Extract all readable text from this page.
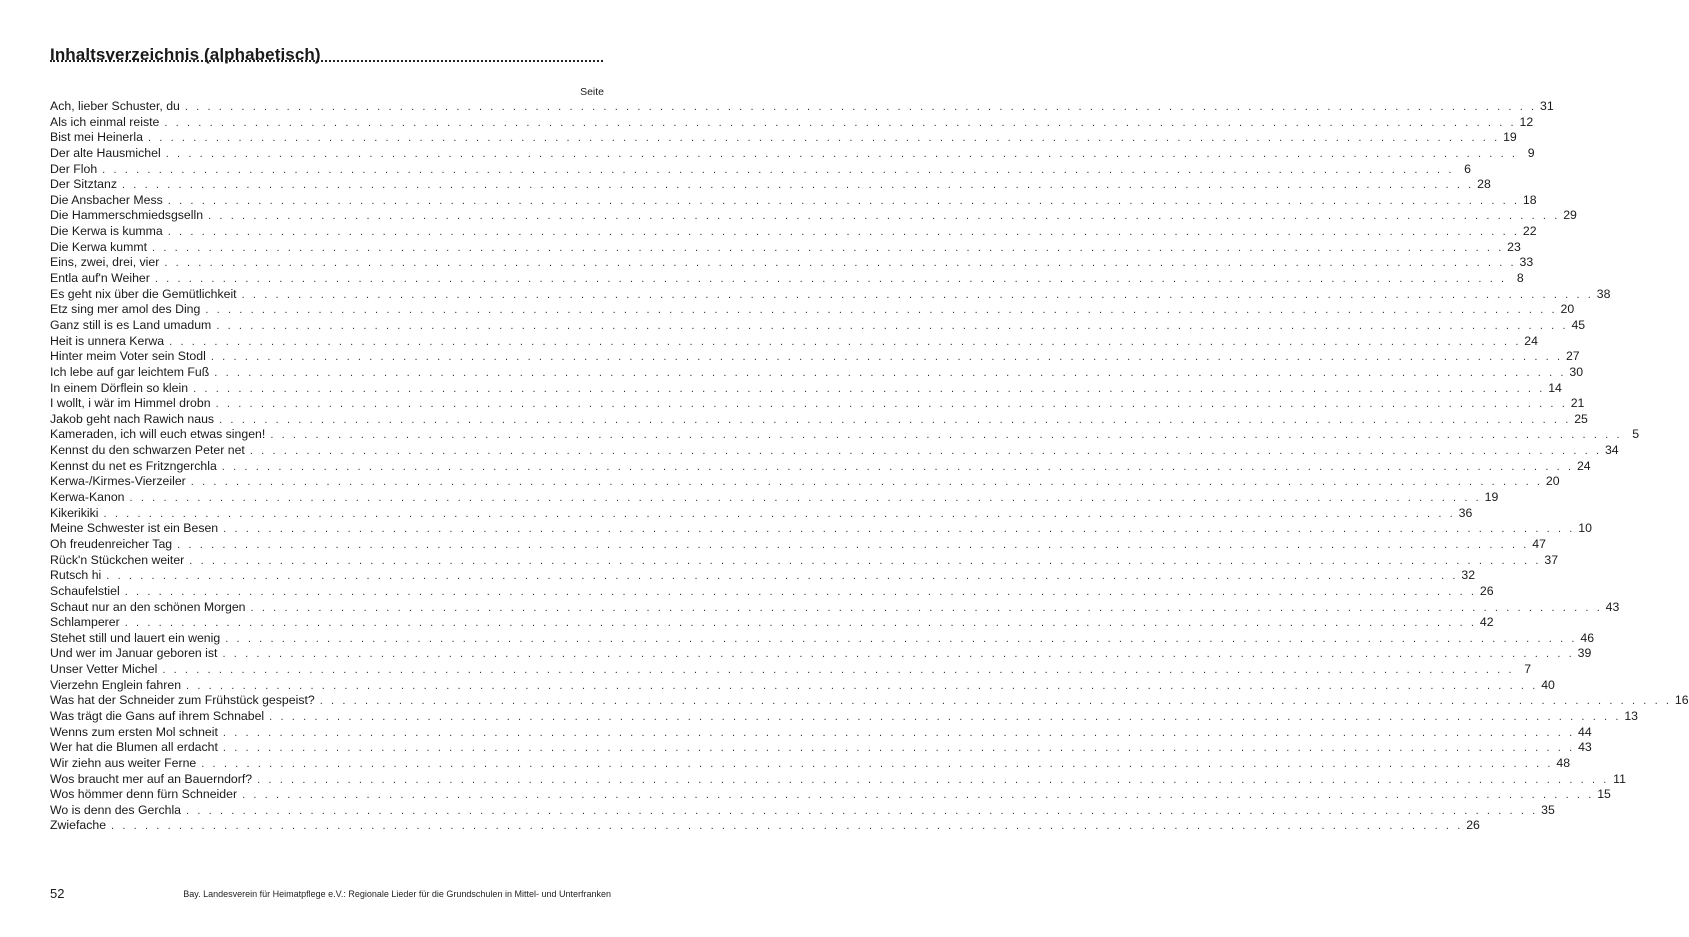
Inhaltsverzeichnis (alphabetisch)
Seite
Ach, lieber Schuster, du . . . . . . . . . . . . . . . . . . . . . . . . . . . . . . . . . . . . . . . . . . . . . . . . . . . . . . . . . . . . . . . . . . . . . . . . . . . . . . . . . . . . . . . . . . . . . . . . . . . . . . . . . . . . . . . . . . . . . . . . 31
Als ich einmal reiste . . . . . . . . . . . . . . . . . . . . . . . . . . . . . . . . . . . . . . . . . . . . . . . . . . . . . . . . . . . . . . . . . . . . . . . . . . . . . . . . . . . . . . . . . . . . . . . . . . . . . . . . . . . . . . . . . . . . . . . . 12
Bist mei Heinerla . . . . . . . . . . . . . . . . . . . . . . . . . . . . . . . . . . . . . . . . . . . . . . . . . . . . . . . . . . . . . . . . . . . . . . . . . . . . . . . . . . . . . . . . . . . . . . . . . . . . . . . . . . . . . . . . . . . . . . . . 19
Der alte Hausmichel . . . . . . . . . . . . . . . . . . . . . . . . . . . . . . . . . . . . . . . . . . . . . . . . . . . . . . . . . . . . . . . . . . . . . . . . . . . . . . . . . . . . . . . . . . . . . . . . . . . . . . . . . . . . . . . . . . . . . . . . 9
Der Floh . . . . . . . . . . . . . . . . . . . . . . . . . . . . . . . . . . . . . . . . . . . . . . . . . . . . . . . . . . . . . . . . . . . . . . . . . . . . . . . . . . . . . . . . . . . . . . . . . . . . . . . . . . . . . . . . . . . . . . . . 6
Der Sitztanz . . . . . . . . . . . . . . . . . . . . . . . . . . . . . . . . . . . . . . . . . . . . . . . . . . . . . . . . . . . . . . . . . . . . . . . . . . . . . . . . . . . . . . . . . . . . . . . . . . . . . . . . . . . . . . . . . . . . . . . . 28
Die Ansbacher Mess . . . . . . . . . . . . . . . . . . . . . . . . . . . . . . . . . . . . . . . . . . . . . . . . . . . . . . . . . . . . . . . . . . . . . . . . . . . . . . . . . . . . . . . . . . . . . . . . . . . . . . . . . . . . . . . . . . . . . . . . 18
Die Hammerschmiedsgselln . . . . . . . . . . . . . . . . . . . . . . . . . . . . . . . . . . . . . . . . . . . . . . . . . . . . . . . . . . . . . . . . . . . . . . . . . . . . . . . . . . . . . . . . . . . . . . . . . . . . . . . . . . . . . . . . . . . . . . . . 29
Die Kerwa is kumma . . . . . . . . . . . . . . . . . . . . . . . . . . . . . . . . . . . . . . . . . . . . . . . . . . . . . . . . . . . . . . . . . . . . . . . . . . . . . . . . . . . . . . . . . . . . . . . . . . . . . . . . . . . . . . . . . . . . . . . . 22
Die Kerwa kummt . . . . . . . . . . . . . . . . . . . . . . . . . . . . . . . . . . . . . . . . . . . . . . . . . . . . . . . . . . . . . . . . . . . . . . . . . . . . . . . . . . . . . . . . . . . . . . . . . . . . . . . . . . . . . . . . . . . . . . . . 23
Eins, zwei, drei, vier . . . . . . . . . . . . . . . . . . . . . . . . . . . . . . . . . . . . . . . . . . . . . . . . . . . . . . . . . . . . . . . . . . . . . . . . . . . . . . . . . . . . . . . . . . . . . . . . . . . . . . . . . . . . . . . . . . . . . . . . 33
Entla auf'n Weiher . . . . . . . . . . . . . . . . . . . . . . . . . . . . . . . . . . . . . . . . . . . . . . . . . . . . . . . . . . . . . . . . . . . . . . . . . . . . . . . . . . . . . . . . . . . . . . . . . . . . . . . . . . . . . . . . . . . . . . . . 8
Es geht nix über die Gemütlichkeit . . . . . . . . . . . . . . . . . . . . . . . . . . . . . . . . . . . . . . . . . . . . . . . . . . . . . . . . . . . . . . . . . . . . . . . . . . . . . . . . . . . . . . . . . . . . . . . . . . . . . . . . . . . . . . . . . . . . . . . . 38
Etz sing mer amol des Ding . . . . . . . . . . . . . . . . . . . . . . . . . . . . . . . . . . . . . . . . . . . . . . . . . . . . . . . . . . . . . . . . . . . . . . . . . . . . . . . . . . . . . . . . . . . . . . . . . . . . . . . . . . . . . . . . . . . . . . . . 20
Ganz still is es Land umadum . . . . . . . . . . . . . . . . . . . . . . . . . . . . . . . . . . . . . . . . . . . . . . . . . . . . . . . . . . . . . . . . . . . . . . . . . . . . . . . . . . . . . . . . . . . . . . . . . . . . . . . . . . . . . . . . . . . . . . . . 45
Heit is unnera Kerwa . . . . . . . . . . . . . . . . . . . . . . . . . . . . . . . . . . . . . . . . . . . . . . . . . . . . . . . . . . . . . . . . . . . . . . . . . . . . . . . . . . . . . . . . . . . . . . . . . . . . . . . . . . . . . . . . . . . . . . . . 24
Hinter meim Voter sein Stodl . . . . . . . . . . . . . . . . . . . . . . . . . . . . . . . . . . . . . . . . . . . . . . . . . . . . . . . . . . . . . . . . . . . . . . . . . . . . . . . . . . . . . . . . . . . . . . . . . . . . . . . . . . . . . . . . . . . . . . . . 27
Ich lebe auf gar leichtem Fuß . . . . . . . . . . . . . . . . . . . . . . . . . . . . . . . . . . . . . . . . . . . . . . . . . . . . . . . . . . . . . . . . . . . . . . . . . . . . . . . . . . . . . . . . . . . . . . . . . . . . . . . . . . . . . . . . . . . . . . . . 30
In einem Dörflein so klein . . . . . . . . . . . . . . . . . . . . . . . . . . . . . . . . . . . . . . . . . . . . . . . . . . . . . . . . . . . . . . . . . . . . . . . . . . . . . . . . . . . . . . . . . . . . . . . . . . . . . . . . . . . . . . . . . . . . . . . . 14
I wollt, i wär im Himmel drobn . . . . . . . . . . . . . . . . . . . . . . . . . . . . . . . . . . . . . . . . . . . . . . . . . . . . . . . . . . . . . . . . . . . . . . . . . . . . . . . . . . . . . . . . . . . . . . . . . . . . . . . . . . . . . . . . . . . . . . . . 21
Jakob geht nach Rawich naus . . . . . . . . . . . . . . . . . . . . . . . . . . . . . . . . . . . . . . . . . . . . . . . . . . . . . . . . . . . . . . . . . . . . . . . . . . . . . . . . . . . . . . . . . . . . . . . . . . . . . . . . . . . . . . . . . . . . . . . . 25
Kameraden, ich will euch etwas singen! . . . . . . . . . . . . . . . . . . . . . . . . . . . . . . . . . . . . . . . . . . . . . . . . . . . . . . . . . . . . . . . . . . . . . . . . . . . . . . . . . . . . . . . . . . . . . . . . . . . . . . . . . . . . . . . . . . . . . . . . 5
Kennst du den schwarzen Peter net . . . . . . . . . . . . . . . . . . . . . . . . . . . . . . . . . . . . . . . . . . . . . . . . . . . . . . . . . . . . . . . . . . . . . . . . . . . . . . . . . . . . . . . . . . . . . . . . . . . . . . . . . . . . . . . . . . . . . . . . 34
Kennst du net es Fritzngerchla . . . . . . . . . . . . . . . . . . . . . . . . . . . . . . . . . . . . . . . . . . . . . . . . . . . . . . . . . . . . . . . . . . . . . . . . . . . . . . . . . . . . . . . . . . . . . . . . . . . . . . . . . . . . . . . . . . . . . . . . 24
Kerwa-/Kirmes-Vierzeiler . . . . . . . . . . . . . . . . . . . . . . . . . . . . . . . . . . . . . . . . . . . . . . . . . . . . . . . . . . . . . . . . . . . . . . . . . . . . . . . . . . . . . . . . . . . . . . . . . . . . . . . . . . . . . . . . . . . . . . . . 20
Kerwa-Kanon . . . . . . . . . . . . . . . . . . . . . . . . . . . . . . . . . . . . . . . . . . . . . . . . . . . . . . . . . . . . . . . . . . . . . . . . . . . . . . . . . . . . . . . . . . . . . . . . . . . . . . . . . . . . . . . . . . . . . . . . 19
Kikerikiki . . . . . . . . . . . . . . . . . . . . . . . . . . . . . . . . . . . . . . . . . . . . . . . . . . . . . . . . . . . . . . . . . . . . . . . . . . . . . . . . . . . . . . . . . . . . . . . . . . . . . . . . . . . . . . . . . . . . . . . . 36
Meine Schwester ist ein Besen . . . . . . . . . . . . . . . . . . . . . . . . . . . . . . . . . . . . . . . . . . . . . . . . . . . . . . . . . . . . . . . . . . . . . . . . . . . . . . . . . . . . . . . . . . . . . . . . . . . . . . . . . . . . . . . . . . . . . . . . 10
Oh freudenreicher Tag . . . . . . . . . . . . . . . . . . . . . . . . . . . . . . . . . . . . . . . . . . . . . . . . . . . . . . . . . . . . . . . . . . . . . . . . . . . . . . . . . . . . . . . . . . . . . . . . . . . . . . . . . . . . . . . . . . . . . . . . 47
Rück'n Stückchen weiter . . . . . . . . . . . . . . . . . . . . . . . . . . . . . . . . . . . . . . . . . . . . . . . . . . . . . . . . . . . . . . . . . . . . . . . . . . . . . . . . . . . . . . . . . . . . . . . . . . . . . . . . . . . . . . . . . . . . . . . . 37
Rutsch hi . . . . . . . . . . . . . . . . . . . . . . . . . . . . . . . . . . . . . . . . . . . . . . . . . . . . . . . . . . . . . . . . . . . . . . . . . . . . . . . . . . . . . . . . . . . . . . . . . . . . . . . . . . . . . . . . . . . . . . . . 32
Schaufelstiel . . . . . . . . . . . . . . . . . . . . . . . . . . . . . . . . . . . . . . . . . . . . . . . . . . . . . . . . . . . . . . . . . . . . . . . . . . . . . . . . . . . . . . . . . . . . . . . . . . . . . . . . . . . . . . . . . . . . . . . . 26
Schaut nur an den schönen Morgen . . . . . . . . . . . . . . . . . . . . . . . . . . . . . . . . . . . . . . . . . . . . . . . . . . . . . . . . . . . . . . . . . . . . . . . . . . . . . . . . . . . . . . . . . . . . . . . . . . . . . . . . . . . . . . . . . . . . . . . . 43
Schlamperer . . . . . . . . . . . . . . . . . . . . . . . . . . . . . . . . . . . . . . . . . . . . . . . . . . . . . . . . . . . . . . . . . . . . . . . . . . . . . . . . . . . . . . . . . . . . . . . . . . . . . . . . . . . . . . . . . . . . . . . . 42
Stehet still und lauert ein wenig . . . . . . . . . . . . . . . . . . . . . . . . . . . . . . . . . . . . . . . . . . . . . . . . . . . . . . . . . . . . . . . . . . . . . . . . . . . . . . . . . . . . . . . . . . . . . . . . . . . . . . . . . . . . . . . . . . . . . . . . 46
Und wer im Januar geboren ist . . . . . . . . . . . . . . . . . . . . . . . . . . . . . . . . . . . . . . . . . . . . . . . . . . . . . . . . . . . . . . . . . . . . . . . . . . . . . . . . . . . . . . . . . . . . . . . . . . . . . . . . . . . . . . . . . . . . . . . . 39
Unser Vetter Michel . . . . . . . . . . . . . . . . . . . . . . . . . . . . . . . . . . . . . . . . . . . . . . . . . . . . . . . . . . . . . . . . . . . . . . . . . . . . . . . . . . . . . . . . . . . . . . . . . . . . . . . . . . . . . . . . . . . . . . . . 7
Vierzehn Englein fahren . . . . . . . . . . . . . . . . . . . . . . . . . . . . . . . . . . . . . . . . . . . . . . . . . . . . . . . . . . . . . . . . . . . . . . . . . . . . . . . . . . . . . . . . . . . . . . . . . . . . . . . . . . . . . . . . . . . . . . . . 40
Was hat der Schneider zum Frühstück gespeist? . . . . . . . . . . . . . . . . . . . . . . . . . . . . . . . . . . . . . . . . . . . . . . . . . . . . . . . . . . . . . . . . . . . . . . . . . . . . . . . . . . . . . . . . . . . . . . . . . . . . . . . . . . . . . . . . . . . . . . . . 16
Was trägt die Gans auf ihrem Schnabel . . . . . . . . . . . . . . . . . . . . . . . . . . . . . . . . . . . . . . . . . . . . . . . . . . . . . . . . . . . . . . . . . . . . . . . . . . . . . . . . . . . . . . . . . . . . . . . . . . . . . . . . . . . . . . . . . . . . . . . . 13
Wenns zum ersten Mol schneit . . . . . . . . . . . . . . . . . . . . . . . . . . . . . . . . . . . . . . . . . . . . . . . . . . . . . . . . . . . . . . . . . . . . . . . . . . . . . . . . . . . . . . . . . . . . . . . . . . . . . . . . . . . . . . . . . . . . . . . . 44
Wer hat die Blumen all erdacht . . . . . . . . . . . . . . . . . . . . . . . . . . . . . . . . . . . . . . . . . . . . . . . . . . . . . . . . . . . . . . . . . . . . . . . . . . . . . . . . . . . . . . . . . . . . . . . . . . . . . . . . . . . . . . . . . . . . . . . . 43
Wir ziehn aus weiter Ferne . . . . . . . . . . . . . . . . . . . . . . . . . . . . . . . . . . . . . . . . . . . . . . . . . . . . . . . . . . . . . . . . . . . . . . . . . . . . . . . . . . . . . . . . . . . . . . . . . . . . . . . . . . . . . . . . . . . . . . . . 48
Wos braucht mer auf an Bauerndorf? . . . . . . . . . . . . . . . . . . . . . . . . . . . . . . . . . . . . . . . . . . . . . . . . . . . . . . . . . . . . . . . . . . . . . . . . . . . . . . . . . . . . . . . . . . . . . . . . . . . . . . . . . . . . . . . . . . . . . . . . 11
Wos hömmer denn fürn Schneider . . . . . . . . . . . . . . . . . . . . . . . . . . . . . . . . . . . . . . . . . . . . . . . . . . . . . . . . . . . . . . . . . . . . . . . . . . . . . . . . . . . . . . . . . . . . . . . . . . . . . . . . . . . . . . . . . . . . . . . . 15
Wo is denn des Gerchla . . . . . . . . . . . . . . . . . . . . . . . . . . . . . . . . . . . . . . . . . . . . . . . . . . . . . . . . . . . . . . . . . . . . . . . . . . . . . . . . . . . . . . . . . . . . . . . . . . . . . . . . . . . . . . . . . . . . . . . . 35
Zwiefache . . . . . . . . . . . . . . . . . . . . . . . . . . . . . . . . . . . . . . . . . . . . . . . . . . . . . . . . . . . . . . . . . . . . . . . . . . . . . . . . . . . . . . . . . . . . . . . . . . . . . . . . . . . . . . . . . . . . . . . . 26
52	Bay. Landesverein für Heimatpflege e.V.: Regionale Lieder für die Grundschulen in Mittel- und Unterfranken
